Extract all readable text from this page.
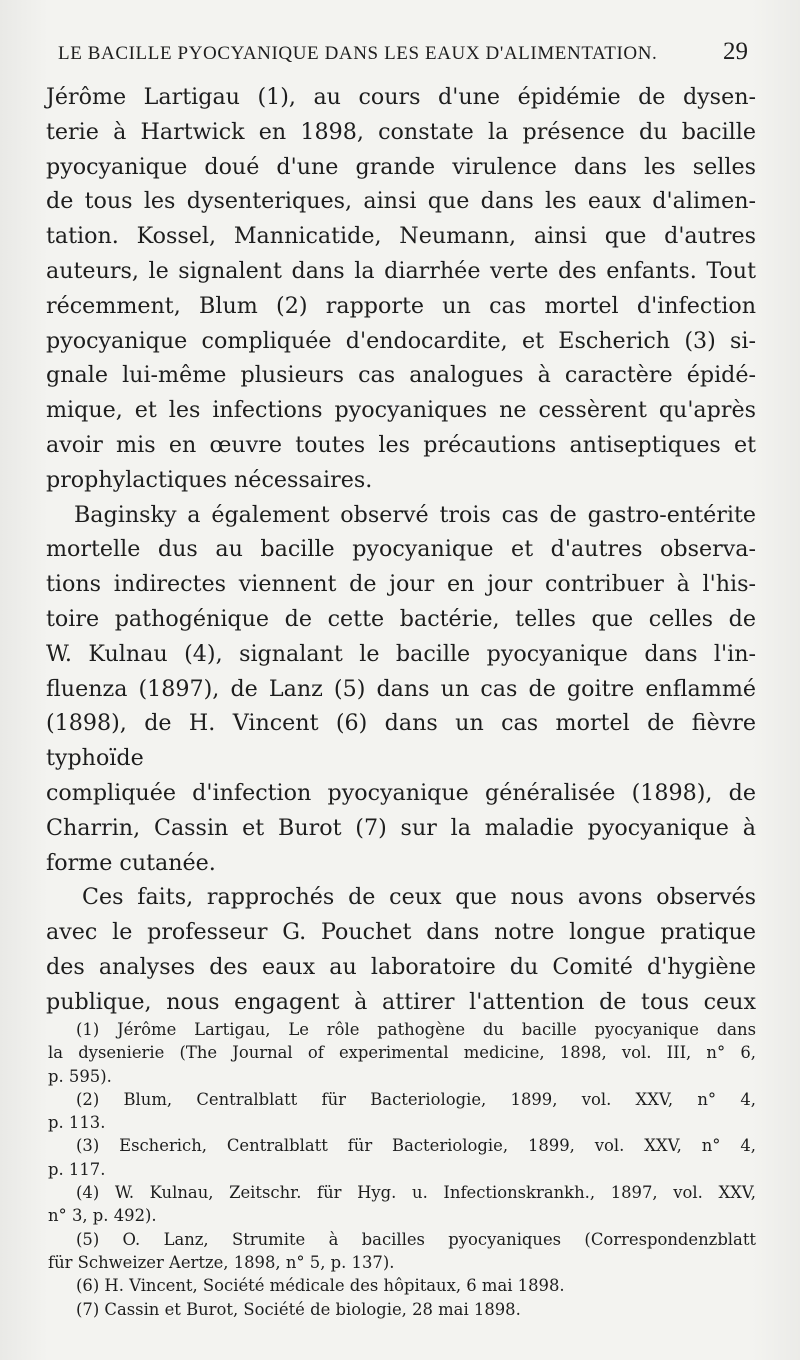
LE BACILLE PYOCYANIQUE DANS LES EAUX D'ALIMENTATION.	29

Jérôme Lartigau (1), au cours d'une épidémie de dysen-

terie à Hartwick en 1898, constate la présence du bacille

pyocyanique doué d'une grande virulence dans les selles

de tous les dysenteriques, ainsi que dans les eaux d'alimen-

tation. Kossel, Mannicatide, Neumann, ainsi que d'autres

auteurs, le signalent dans la diarrhée verte des enfants. Tout

récemment, Blum (2) rapporte un cas mortel d'infection

pyocyanique compliquée d'endocardite, et Escherich (3) si-

gnale lui-même plusieurs cas analogues à caractère épidé-

mique, et les infections pyocyaniques ne cessèrent qu'après

avoir mis en œuvre toutes les précautions antiseptiques et

prophylactiques nécessaires.

Baginsky a également observé trois cas de gastro-entérite

mortelle dus au bacille pyocyanique et d'autres observa-

tions indirectes viennent de jour en jour contribuer à l'his-

toire pathogénique de cette bactérie, telles que celles de

W. Kulnau (4), signalant le bacille pyocyanique dans l'in-

fluenza (1897), de Lanz (5) dans un cas de goitre enflammé

(1898), de H. Vincent (6) dans un cas mortel de fièvre typhoïde

compliquée d'infection pyocyanique généralisée (1898), de

Charrin, Cassin et Burot (7) sur la maladie pyocyanique à

forme cutanée.

Ces faits, rapprochés de ceux que nous avons observés

avec le professeur G. Pouchet dans notre longue pratique

des analyses des eaux au laboratoire du Comité d'hygiène

publique, nous engagent à attirer l'attention de tous ceux

(1) Jérôme Lartigau, Le rôle pathogène du bacille pyocyanique dans

la dysenierie (The Journal of experimental medicine, 1898, vol. III, n° 6,

p. 595).

(2) Blum, Centralblatt für Bacteriologie, 1899, vol. XXV, n° 4,

p. 113.

(3) Escherich, Centralblatt für Bacteriologie, 1899, vol. XXV, n° 4,

p. 117.

(4) W. Kulnau, Zeitschr. für Hyg. u. Infectionskrankh., 1897, vol. XXV,

n° 3, p. 492).

(5) O. Lanz, Strumite à bacilles pyocyaniques (Correspondenzblatt

für Schweizer Aertze, 1898, n° 5, p. 137).

(6) H. Vincent, Société médicale des hôpitaux, 6 mai 1898.

(7) Cassin et Burot, Société de biologie, 28 mai 1898.
